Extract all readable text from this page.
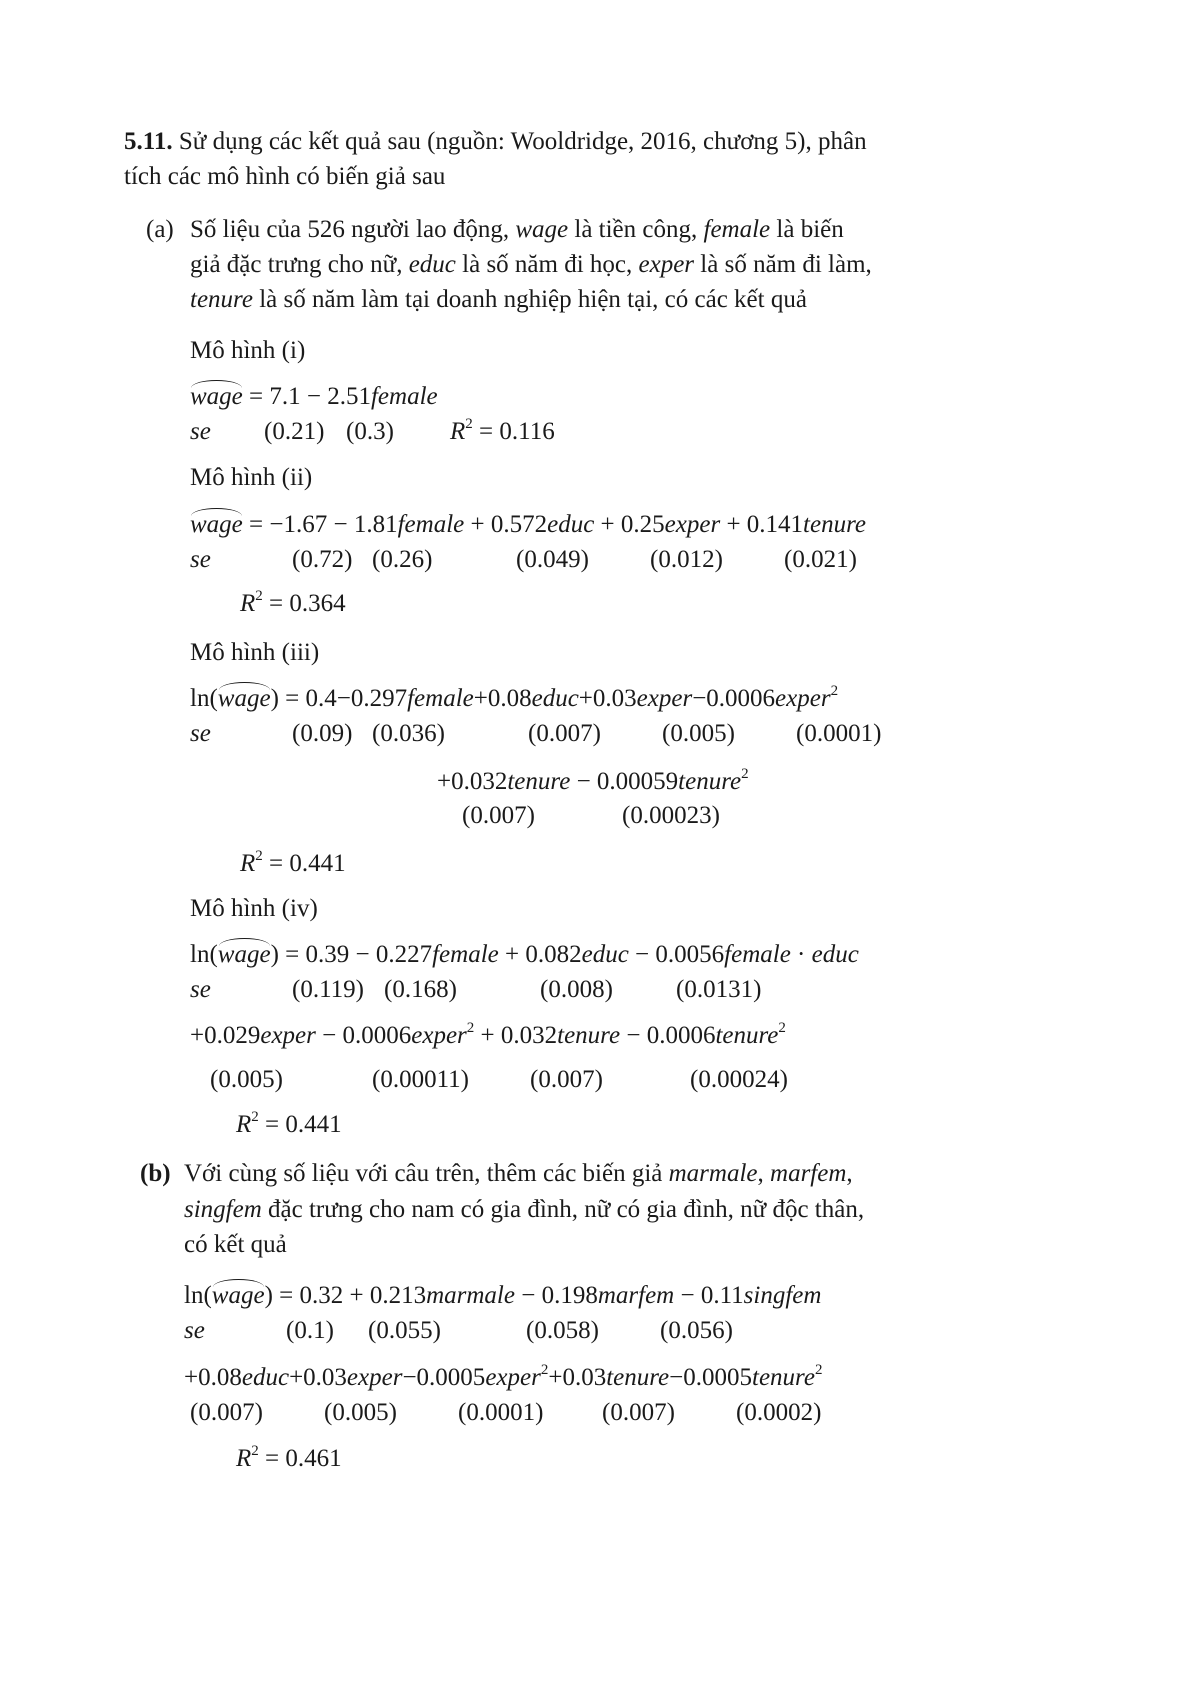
5.11. Sử dụng các kết quả sau (nguồn: Wooldridge, 2016, chương 5), phân
tích các mô hình có biến giả sau
(a) Số liệu của 526 người lao động, wage là tiền công, female là biến
giả đặc trưng cho nữ, educ là số năm đi học, exper là số năm đi làm,
tenure là số năm làm tại doanh nghiệp hiện tại, có các kết quả
Mô hình (i)
wage = 7.1 − 2.51female
se (0.21) (0.3) $R^2 = 0.116$
Mô hình (ii)
wage = −1.67 − 1.81female + 0.572educ + 0.25exper + 0.141tenure
se	(0.72) (0.26)	(0.049) (0.012) (0.021)
$R^2 = 0.364$
Mô hình (iii)
ln(wage) = 0.4−0.297female+0.08educ+0.03exper−0.0006exper$^2$
se	(0.09) (0.036)	(0.007) (0.005) (0.0001)
+0.032tenure − 0.00059tenure$^2$
(0.007)	(0.00023)
$R^2 = 0.441$
Mô hình (iv)
ln(wage) = 0.39 − 0.227female + 0.082educ − 0.0056female · educ
se	(0.119) (0.168)	(0.008)	(0.0131)
+0.029exper − 0.0006exper$^2$ + 0.032tenure − 0.0006tenure$^2$
(0.005)	(0.00011) (0.007)	(0.00024)
$R^2 = 0.441$
(b) Với cùng số liệu với câu trên, thêm các biến giả marmale, marfem,
singfem đặc trưng cho nam có gia đình, nữ có gia đình, nữ độc thân,
có kết quả
ln(wage) = 0.32 + 0.213marmale − 0.198marfem − 0.11singfem
se	(0.1) (0.055)	(0.058) (0.056)
+0.08educ+0.03exper−0.0005exper$^2$+0.03tenure−0.0005tenure$^2$
(0.007) (0.005) (0.0001) (0.007) (0.0002)
$R^2 = 0.461$
